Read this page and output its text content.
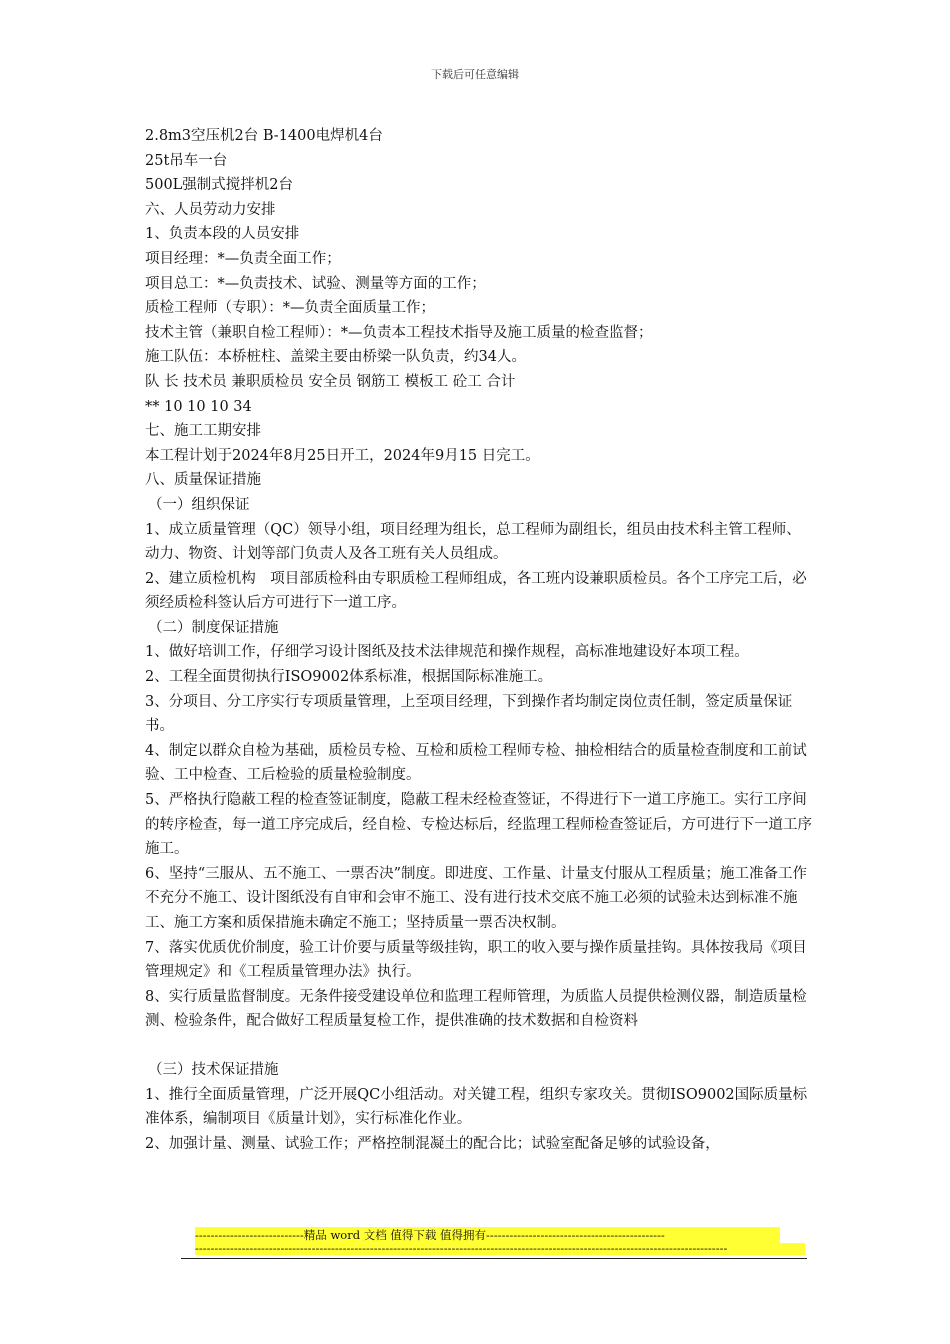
下载后可任意编辑

2.8m3空压机2台 B-1400电焊机4台

25t吊车一台

500L强制式搅拌机2台

六、人员劳动力安排

1、负责本段的人员安排

项目经理：*—负责全面工作；

项目总工：*—负责技术、试验、测量等方面的工作；

质检工程师（专职）：*—负责全面质量工作；

技术主管（兼职自检工程师）：*—负责本工程技术指导及施工质量的检查监督；

施工队伍：本桥桩柱、盖梁主要由桥梁一队负责，约34人。

队 长 技术员 兼职质检员 安全员 钢筋工 模板工 砼工 合计

** 10 10 10 34

七、施工工期安排

本工程计划于2024年8月25日开工，2024年9月15 日完工。

八、质量保证措施

（一）组织保证

1、成立质量管理（QC）领导小组，项目经理为组长，总工程师为副组长，组员由技术科主管工程师、动力、物资、计划等部门负责人及各工班有关人员组成。

2、建立质检机构　项目部质检科由专职质检工程师组成，各工班内设兼职质检员。各个工序完工后，必须经质检科签认后方可进行下一道工序。

（二）制度保证措施

1、做好培训工作，仔细学习设计图纸及技术法律规范和操作规程，高标准地建设好本项工程。

2、工程全面贯彻执行ISO9002体系标准，根据国际标准施工。

3、分项目、分工序实行专项质量管理，上至项目经理，下到操作者均制定岗位责任制，签定质量保证书。

4、制定以群众自检为基础，质检员专检、互检和质检工程师专检、抽检相结合的质量检查制度和工前试验、工中检查、工后检验的质量检验制度。

5、严格执行隐蔽工程的检查签证制度，隐蔽工程未经检查签证，不得进行下一道工序施工。实行工序间的转序检查，每一道工序完成后，经自检、专检达标后，经监理工程师检查签证后，方可进行下一道工序施工。

6、坚持“三服从、五不施工、一票否决”制度。即进度、工作量、计量支付服从工程质量；施工准备工作不充分不施工、设计图纸没有自审和会审不施工、没有进行技术交底不施工必须的试验未达到标准不施工、施工方案和质保措施未确定不施工；坚持质量一票否决权制。

7、落实优质优价制度，验工计价要与质量等级挂钩，职工的收入要与操作质量挂钩。具体按我局《项目管理规定》和《工程质量管理办法》执行。

8、实行质量监督制度。无条件接受建设单位和监理工程师管理，为质监人员提供检测仪器，制造质量检测、检验条件，配合做好工程质量复检工作，提供准确的技术数据和自检资料

（三）技术保证措施

1、推行全面质量管理，广泛开展QC小组活动。对关键工程，组织专家攻关。贯彻ISO9002国际质量标准体系，编制项目《质量计划》，实行标准化作业。

2、加强计量、测量、试验工作；严格控制混凝土的配合比；试验室配备足够的试验设备，

----------------------------精品 word 文档 值得下载 值得拥有----------------------------------------------
-----------------------------------------------------------------------------------------------------------------------------------------
